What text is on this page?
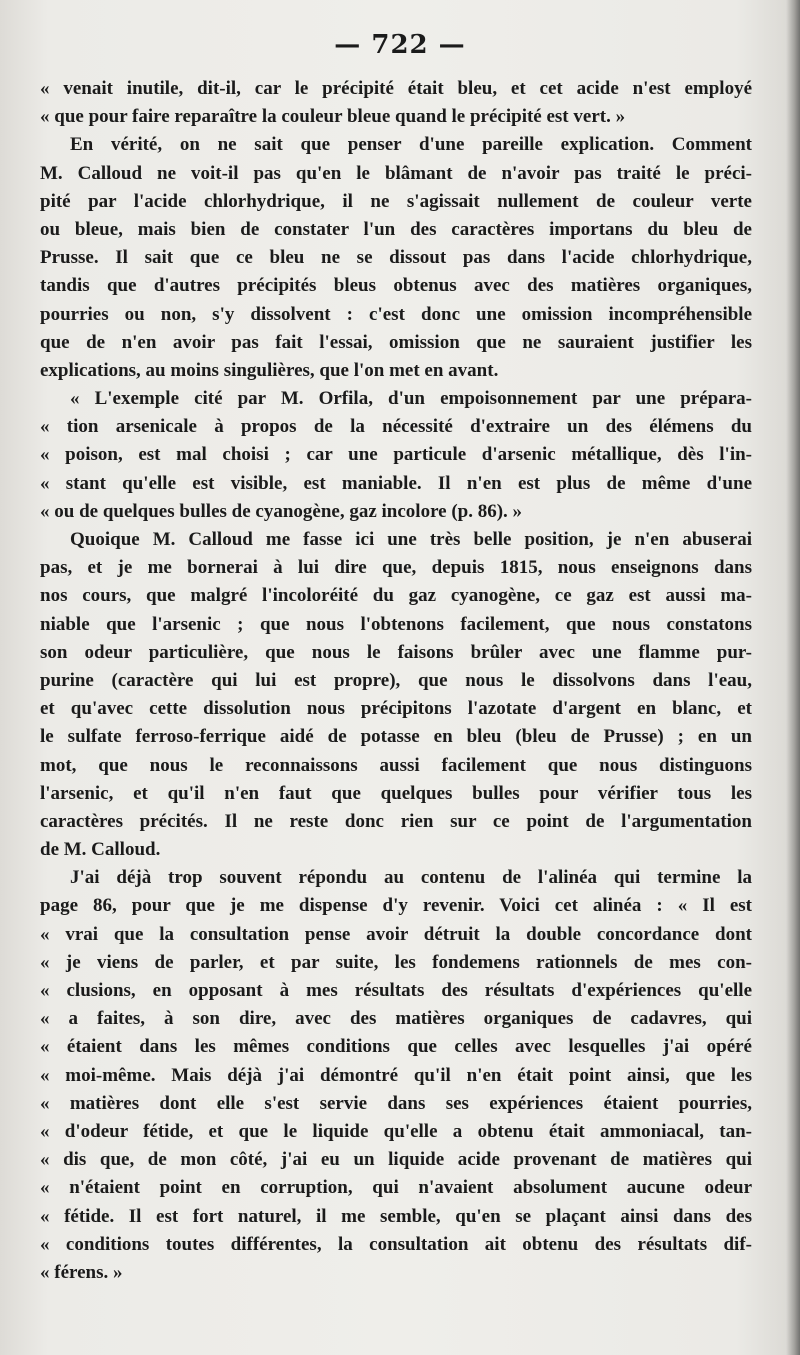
— 722 —
« venait inutile, dit-il, car le précipité était bleu, et cet acide n'est employé
« que pour faire reparaître la couleur bleue quand le précipité est vert. »
En vérité, on ne sait que penser d'une pareille explication. Comment
M. Calloud ne voit-il pas qu'en le blâmant de n'avoir pas traité le préci-
pité par l'acide chlorhydrique, il ne s'agissait nullement de couleur verte
ou bleue, mais bien de constater l'un des caractères importans du bleu de
Prusse. Il sait que ce bleu ne se dissout pas dans l'acide chlorhydrique,
tandis que d'autres précipités bleus obtenus avec des matières organiques,
pourries ou non, s'y dissolvent : c'est donc une omission incompréhensible
que de n'en avoir pas fait l'essai, omission que ne sauraient justifier les
explications, au moins singulières, que l'on met en avant.
« L'exemple cité par M. Orfila, d'un empoisonnement par une prépara-
« tion arsenicale à propos de la nécessité d'extraire un des élémens du
« poison, est mal choisi ; car une particule d'arsenic métallique, dès l'in-
« stant qu'elle est visible, est maniable. Il n'en est plus de même d'une
« ou de quelques bulles de cyanogène, gaz incolore (p. 86). »
Quoique M. Calloud me fasse ici une très belle position, je n'en abuserai
pas, et je me bornerai à lui dire que, depuis 1815, nous enseignons dans
nos cours, que malgré l'incoloréité du gaz cyanogène, ce gaz est aussi ma-
niable que l'arsenic ; que nous l'obtenons facilement, que nous constatons
son odeur particulière, que nous le faisons brûler avec une flamme pur-
purine (caractère qui lui est propre), que nous le dissolvons dans l'eau,
et qu'avec cette dissolution nous précipitons l'azotate d'argent en blanc, et
le sulfate ferroso-ferrique aidé de potasse en bleu (bleu de Prusse) ; en un
mot, que nous le reconnaissons aussi facilement que nous distinguons
l'arsenic, et qu'il n'en faut que quelques bulles pour vérifier tous les
caractères précités. Il ne reste donc rien sur ce point de l'argumentation
de M. Calloud.
J'ai déjà trop souvent répondu au contenu de l'alinéa qui termine la
page 86, pour que je me dispense d'y revenir. Voici cet alinéa : « Il est
« vrai que la consultation pense avoir détruit la double concordance dont
« je viens de parler, et par suite, les fondemens rationnels de mes con-
« clusions, en opposant à mes résultats des résultats d'expériences qu'elle
« a faites, à son dire, avec des matières organiques de cadavres, qui
« étaient dans les mêmes conditions que celles avec lesquelles j'ai opéré
« moi-même. Mais déjà j'ai démontré qu'il n'en était point ainsi, que les
« matières dont elle s'est servie dans ses expériences étaient pourries,
« d'odeur fétide, et que le liquide qu'elle a obtenu était ammoniacal, tan-
« dis que, de mon côté, j'ai eu un liquide acide provenant de matières qui
« n'étaient point en corruption, qui n'avaient absolument aucune odeur
« fétide. Il est fort naturel, il me semble, qu'en se plaçant ainsi dans des
« conditions toutes différentes, la consultation ait obtenu des résultats dif-
« férens. »
